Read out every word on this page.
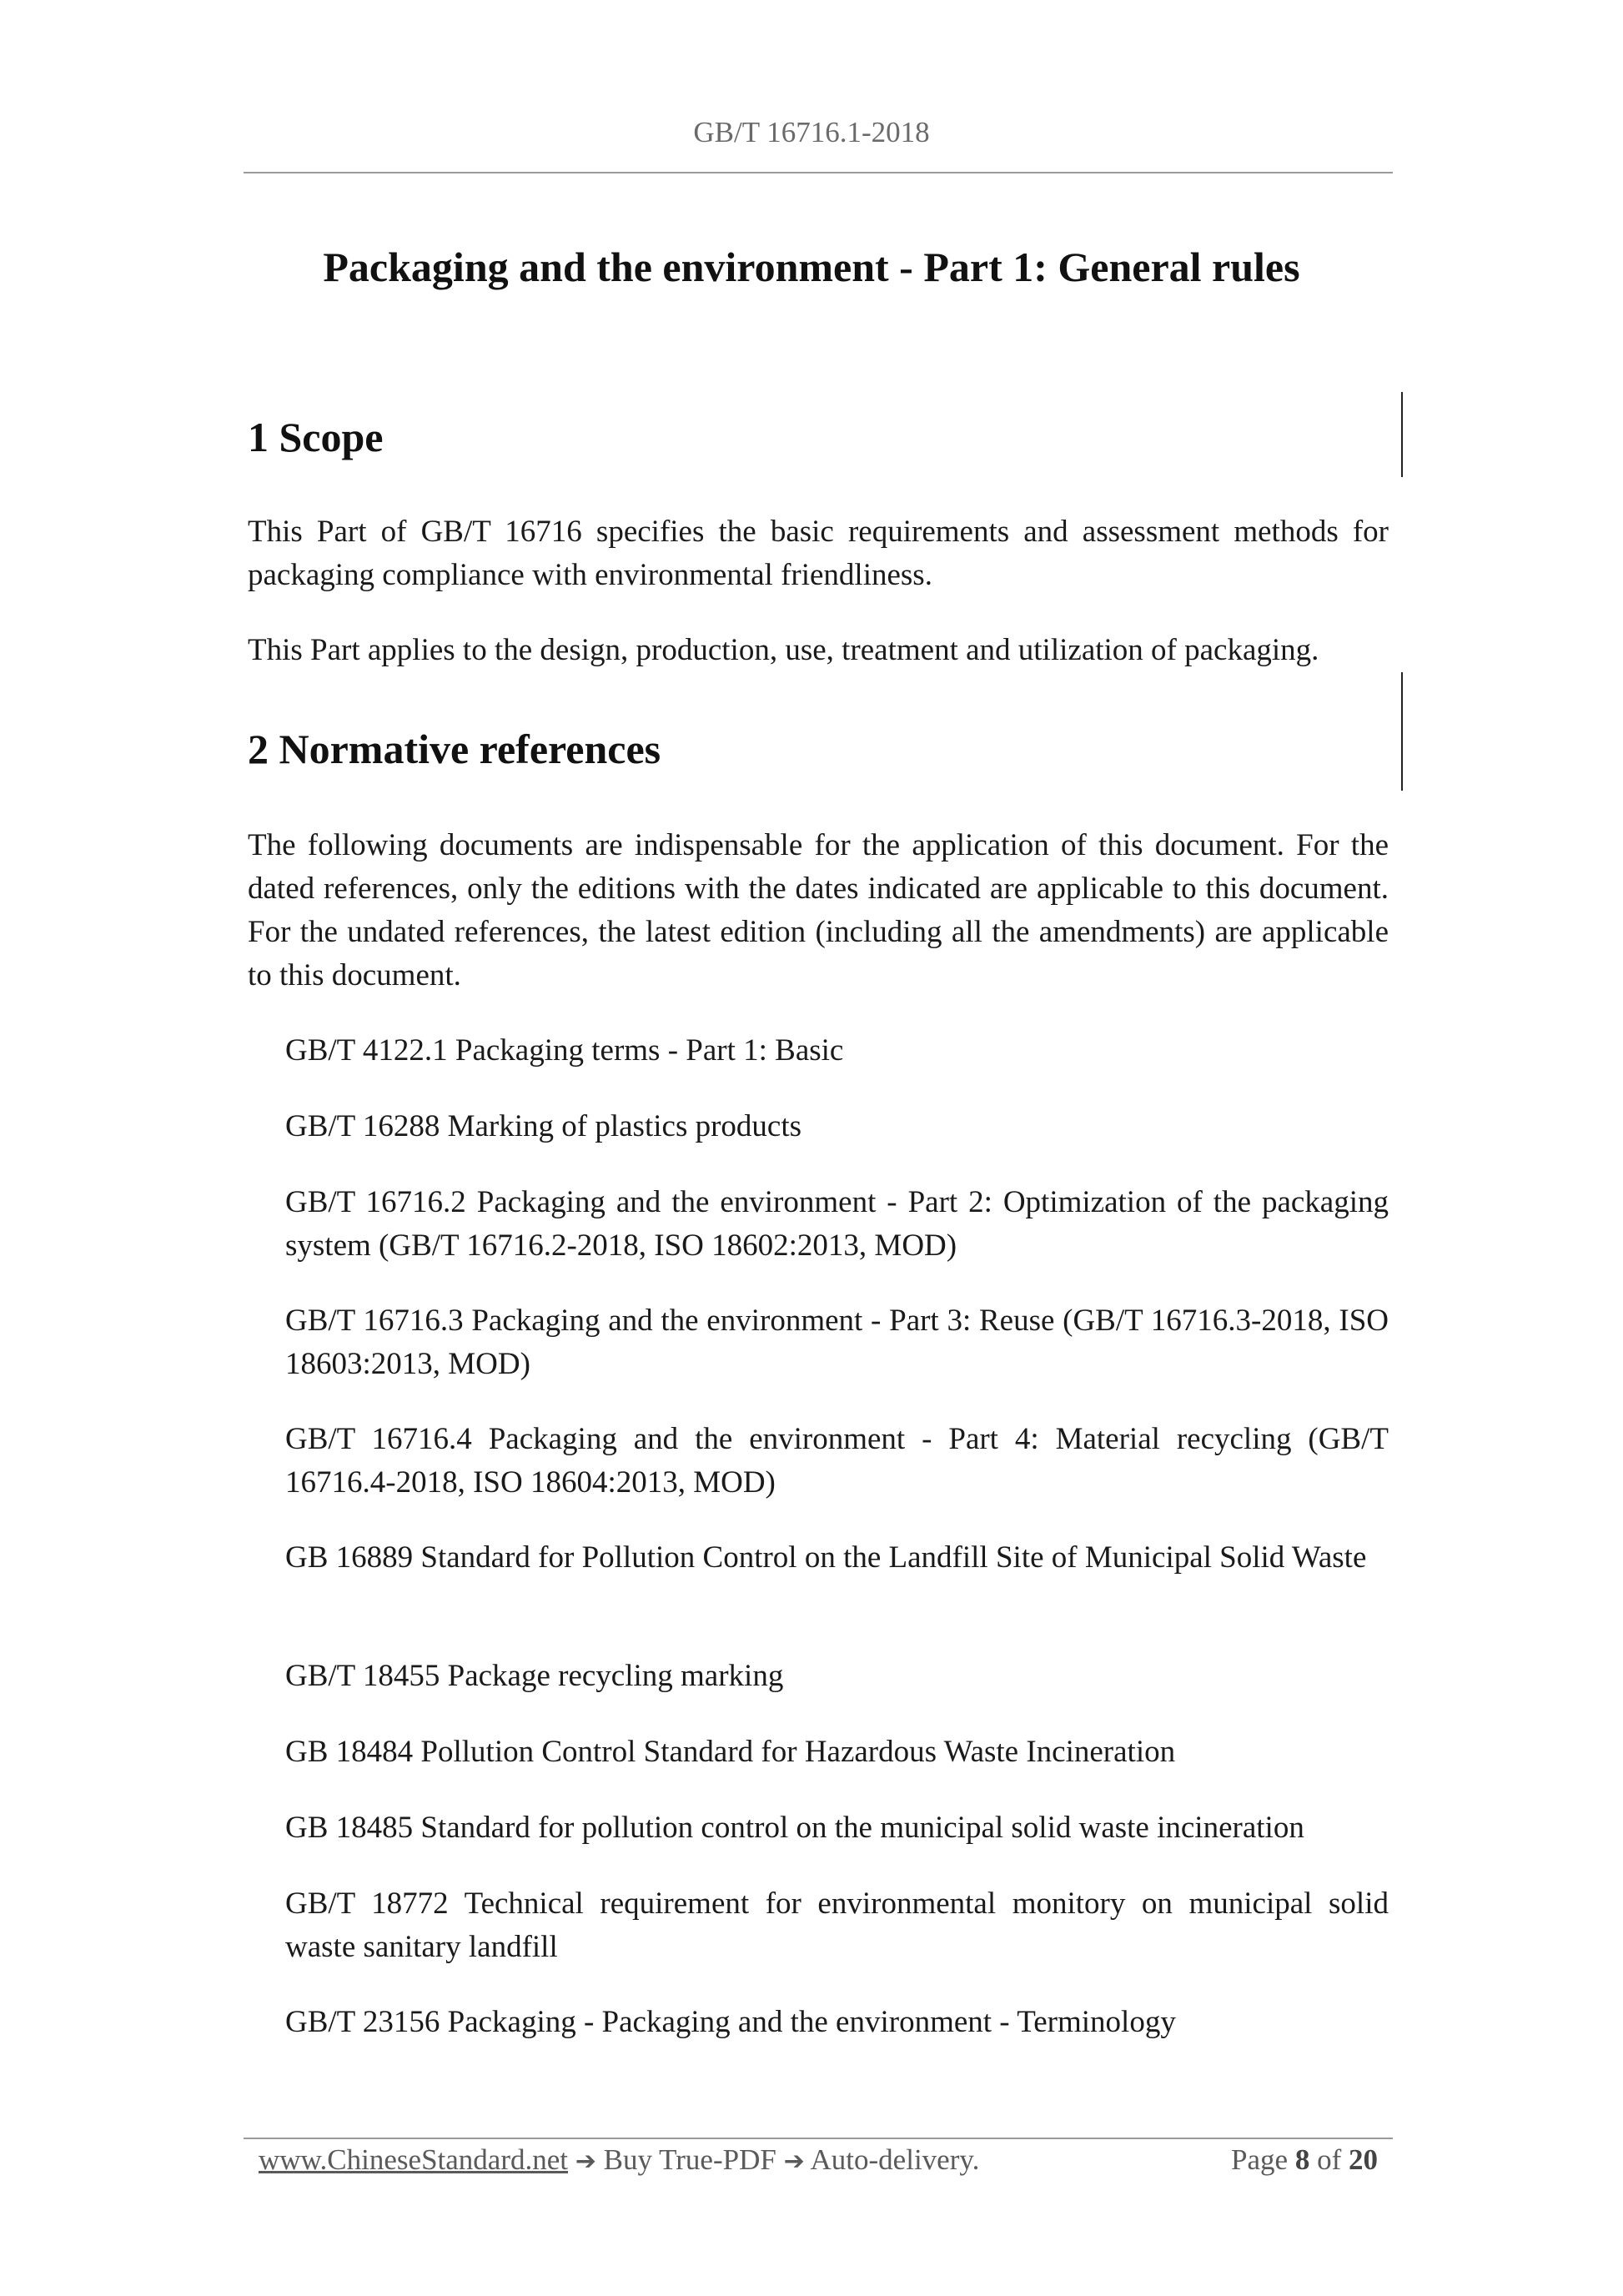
GB/T 16716.1-2018
Packaging and the environment - Part 1: General rules
1 Scope
This Part of GB/T 16716 specifies the basic requirements and assessment methods for packaging compliance with environmental friendliness.
This Part applies to the design, production, use, treatment and utilization of packaging.
2 Normative references
The following documents are indispensable for the application of this document. For the dated references, only the editions with the dates indicated are applicable to this document. For the undated references, the latest edition (including all the amendments) are applicable to this document.
GB/T 4122.1 Packaging terms - Part 1: Basic
GB/T 16288 Marking of plastics products
GB/T 16716.2 Packaging and the environment - Part 2: Optimization of the packaging system (GB/T 16716.2-2018, ISO 18602:2013, MOD)
GB/T 16716.3 Packaging and the environment - Part 3: Reuse (GB/T 16716.3-2018, ISO 18603:2013, MOD)
GB/T 16716.4 Packaging and the environment - Part 4: Material recycling (GB/T 16716.4-2018, ISO 18604:2013, MOD)
GB 16889 Standard for Pollution Control on the Landfill Site of Municipal Solid Waste
GB/T 18455 Package recycling marking
GB 18484 Pollution Control Standard for Hazardous Waste Incineration
GB 18485 Standard for pollution control on the municipal solid waste incineration
GB/T 18772 Technical requirement for environmental monitory on municipal solid waste sanitary landfill
GB/T 23156 Packaging - Packaging and the environment - Terminology
www.ChineseStandard.net ➔ Buy True-PDF ➔ Auto-delivery.	Page 8 of 20
